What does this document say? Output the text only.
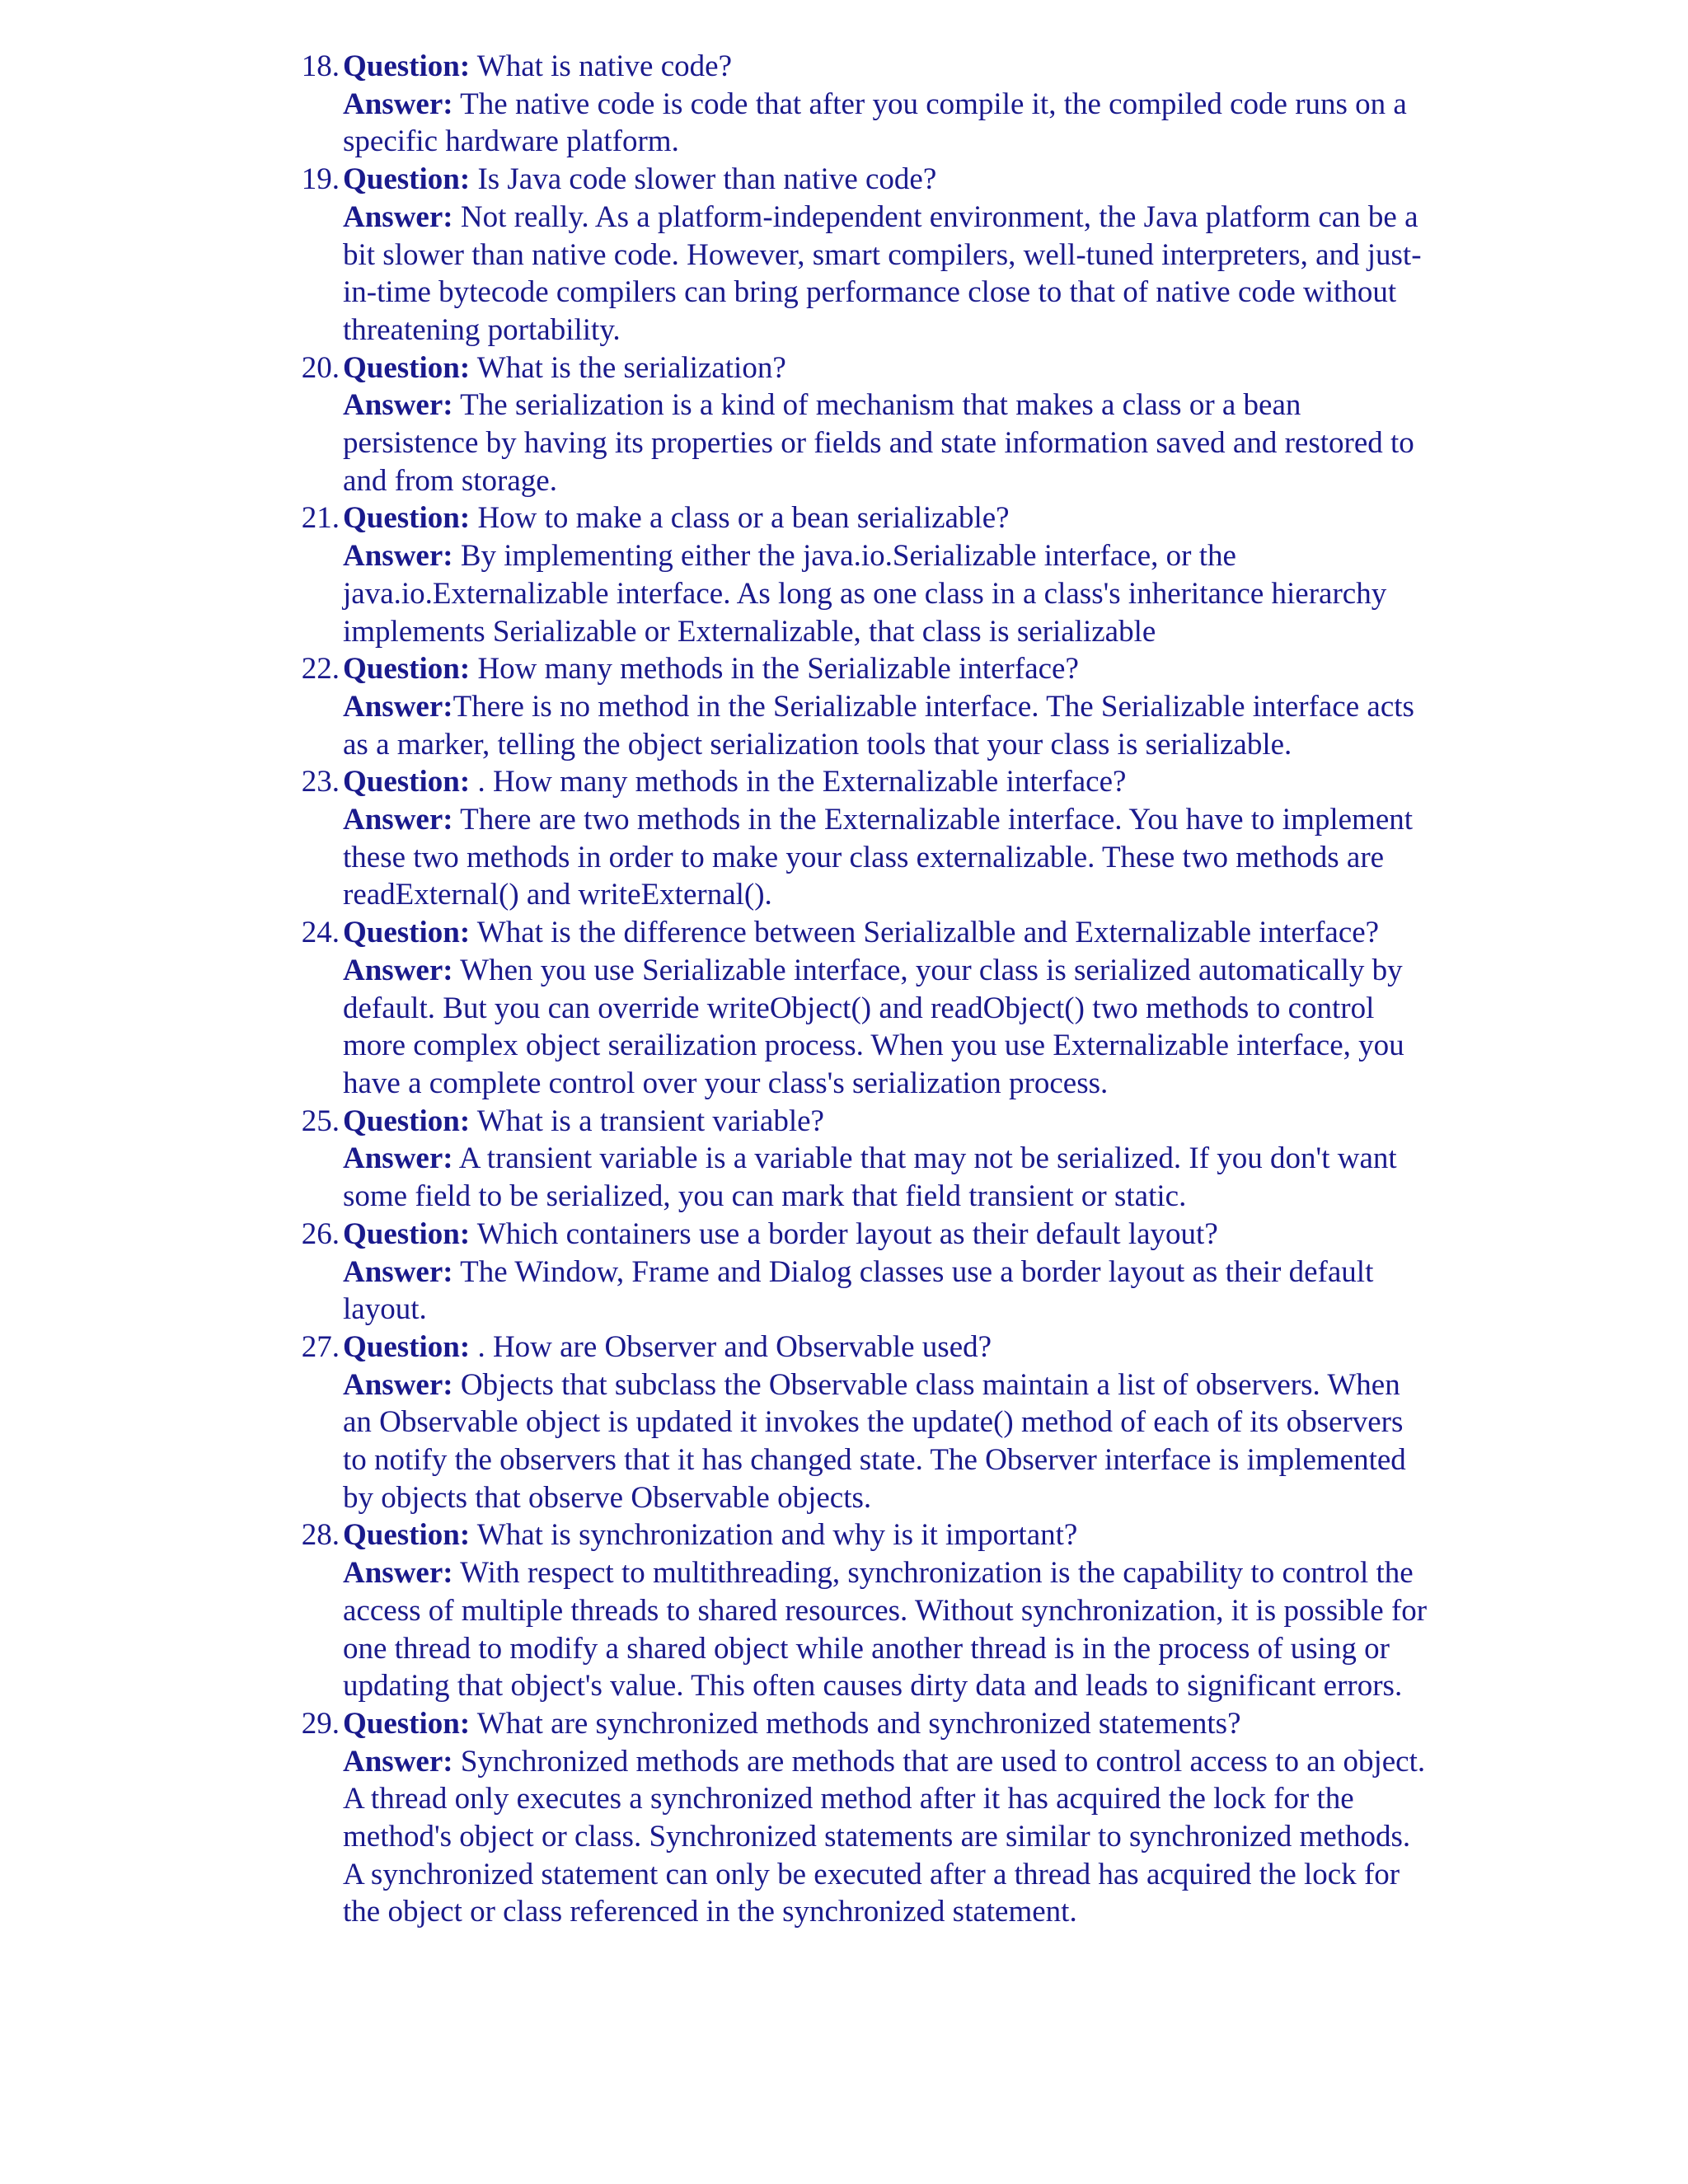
18. Question: What is native code?
Answer: The native code is code that after you compile it, the compiled code runs on a specific hardware platform.
19. Question: Is Java code slower than native code?
Answer: Not really. As a platform-independent environment, the Java platform can be a bit slower than native code. However, smart compilers, well-tuned interpreters, and just-in-time bytecode compilers can bring performance close to that of native code without threatening portability.
20. Question: What is the serialization?
Answer: The serialization is a kind of mechanism that makes a class or a bean persistence by having its properties or fields and state information saved and restored to and from storage.
21. Question: How to make a class or a bean serializable?
Answer: By implementing either the java.io.Serializable interface, or the java.io.Externalizable interface. As long as one class in a class's inheritance hierarchy implements Serializable or Externalizable, that class is serializable
22. Question: How many methods in the Serializable interface?
Answer:There is no method in the Serializable interface. The Serializable interface acts as a marker, telling the object serialization tools that your class is serializable.
23. Question: . How many methods in the Externalizable interface?
Answer: There are two methods in the Externalizable interface. You have to implement these two methods in order to make your class externalizable. These two methods are readExternal() and writeExternal().
24. Question: What is the difference between Serializalble and Externalizable interface?
Answer: When you use Serializable interface, your class is serialized automatically by default. But you can override writeObject() and readObject() two methods to control more complex object serailization process. When you use Externalizable interface, you have a complete control over your class's serialization process.
25. Question: What is a transient variable?
Answer: A transient variable is a variable that may not be serialized. If you don't want some field to be serialized, you can mark that field transient or static.
26. Question: Which containers use a border layout as their default layout?
Answer: The Window, Frame and Dialog classes use a border layout as their default layout.
27. Question: . How are Observer and Observable used?
Answer: Objects that subclass the Observable class maintain a list of observers. When an Observable object is updated it invokes the update() method of each of its observers to notify the observers that it has changed state. The Observer interface is implemented by objects that observe Observable objects.
28. Question: What is synchronization and why is it important?
Answer: With respect to multithreading, synchronization is the capability to control the access of multiple threads to shared resources. Without synchronization, it is possible for one thread to modify a shared object while another thread is in the process of using or updating that object's value. This often causes dirty data and leads to significant errors.
29. Question: What are synchronized methods and synchronized statements?
Answer: Synchronized methods are methods that are used to control access to an object. A thread only executes a synchronized method after it has acquired the lock for the method's object or class. Synchronized statements are similar to synchronized methods. A synchronized statement can only be executed after a thread has acquired the lock for the object or class referenced in the synchronized statement.
